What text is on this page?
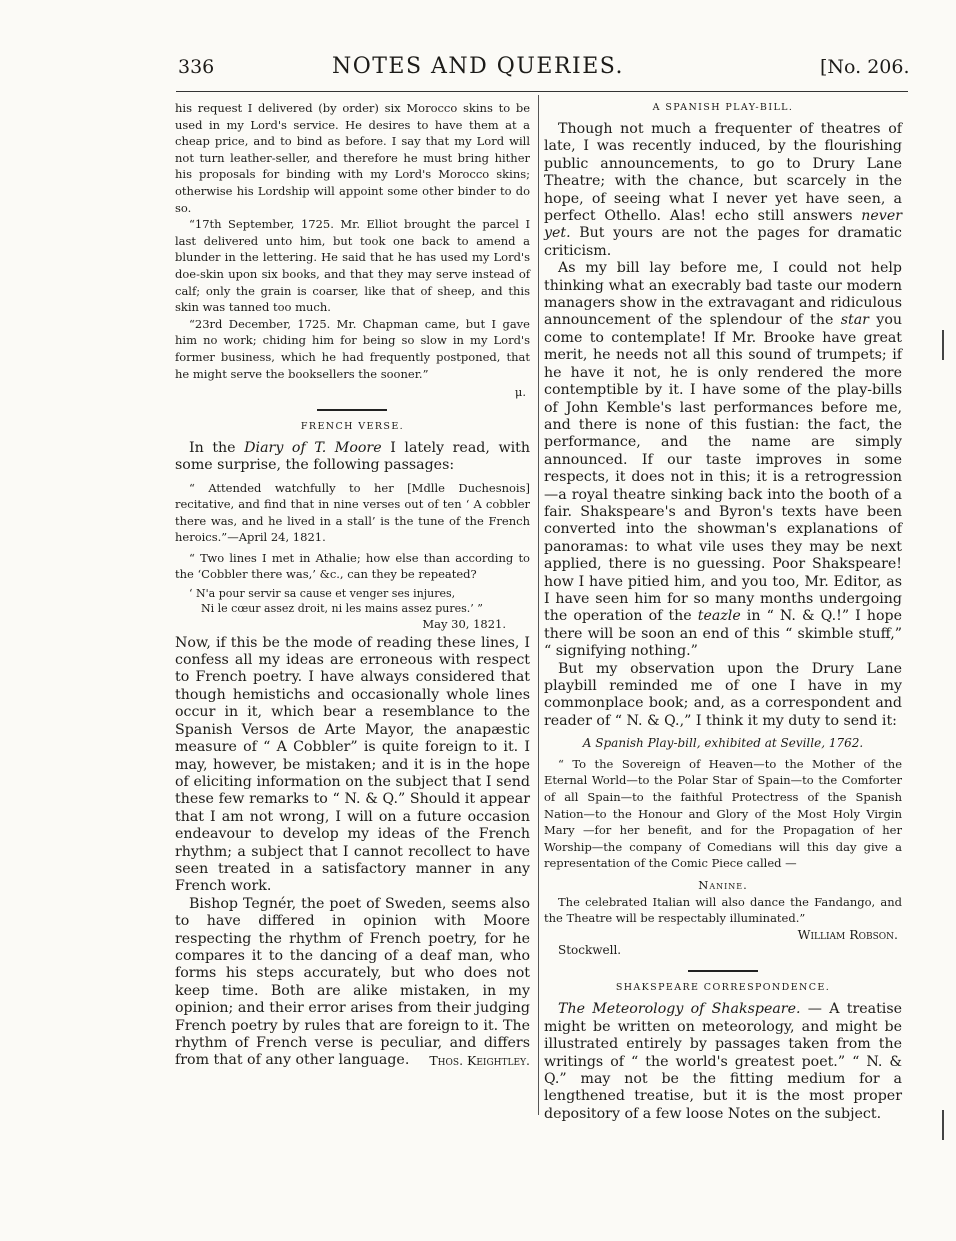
336	NOTES AND QUERIES.	[No. 206.

his request I delivered (by order) six Morocco skins to be used in my Lord's service. He desires to have them at a cheap price, and to bind as before. I say that my Lord will not turn leather-seller, and therefore he must bring hither his proposals for binding with my Lord's Morocco skins; otherwise his Lordship will appoint some other binder to do so.

“17th September, 1725. Mr. Elliot brought the parcel I last delivered unto him, but took one back to amend a blunder in the lettering. He said that he has used my Lord's doe-skin upon six books, and that they may serve instead of calf; only the grain is coarser, like that of sheep, and this skin was tanned too much.

“23rd December, 1725. Mr. Chapman came, but I gave him no work; chiding him for being so slow in my Lord's former business, which he had frequently postponed, that he might serve the booksellers the sooner.”

μ.

FRENCH VERSE.

In the Diary of T. Moore I lately read, with some surprise, the following passages:

“ Attended watchfully to her [Mdlle Duchesnois] recitative, and find that in nine verses out of ten ‘ A cobbler there was, and he lived in a stall’ is the tune of the French heroics.”—April 24, 1821.

“ Two lines I met in Athalie; how else than according to the ‘Cobbler there was,’ &c., can they be repeated?

‘ N'a pour servir sa cause et venger ses injures,
Ni le cœur assez droit, ni les mains assez pures.’ ”

May 30, 1821.

Now, if this be the mode of reading these lines, I confess all my ideas are erroneous with respect to French poetry. I have always considered that though hemistichs and occasionally whole lines occur in it, which bear a resemblance to the Spanish Versos de Arte Mayor, the anapæstic measure of “ A Cobbler” is quite foreign to it. I may, however, be mistaken; and it is in the hope of eliciting information on the subject that I send these few remarks to “ N. & Q.” Should it appear that I am not wrong, I will on a future occasion endeavour to develop my ideas of the French rhythm; a subject that I cannot recollect to have seen treated in a satisfactory manner in any French work.

Bishop Tegnér, the poet of Sweden, seems also to have differed in opinion with Moore respecting the rhythm of French poetry, for he compares it to the dancing of a deaf man, who forms his steps accurately, but who does not keep time. Both are alike mistaken, in my opinion; and their error arises from their judging French poetry by rules that are foreign to it. The rhythm of French verse is peculiar, and differs from that of any other language.	Thos. Keightley.

A SPANISH PLAY-BILL.

Though not much a frequenter of theatres of late, I was recently induced, by the flourishing public announcements, to go to Drury Lane Theatre; with the chance, but scarcely in the hope, of seeing what I never yet have seen, a perfect Othello. Alas! echo still answers never yet. But yours are not the pages for dramatic criticism.

As my bill lay before me, I could not help thinking what an execrably bad taste our modern managers show in the extravagant and ridiculous announcement of the splendour of the star you come to contemplate! If Mr. Brooke have great merit, he needs not all this sound of trumpets; if he have it not, he is only rendered the more contemptible by it. I have some of the play-bills of John Kemble's last performances before me, and there is none of this fustian: the fact, the performance, and the name are simply announced. If our taste improves in some respects, it does not in this; it is a retrogression—a royal theatre sinking back into the booth of a fair. Shakspeare's and Byron's texts have been converted into the showman's explanations of panoramas: to what vile uses they may be next applied, there is no guessing. Poor Shakspeare! how I have pitied him, and you too, Mr. Editor, as I have seen him for so many months undergoing the operation of the teazle in “ N. & Q.!” I hope there will be soon an end of this “ skimble stuff,” “ signifying nothing.”

But my observation upon the Drury Lane playbill reminded me of one I have in my commonplace book; and, as a correspondent and reader of “ N. & Q.,” I think it my duty to send it:

A Spanish Play-bill, exhibited at Seville, 1762.

“ To the Sovereign of Heaven—to the Mother of the Eternal World—to the Polar Star of Spain—to the Comforter of all Spain—to the faithful Protectress of the Spanish Nation—to the Honour and Glory of the Most Holy Virgin Mary —for her benefit, and for the Propagation of her Worship—the company of Comedians will this day give a representation of the Comic Piece called —

Nanine.

The celebrated Italian will also dance the Fandango, and the Theatre will be respectably illuminated.”

William Robson.

Stockwell.

SHAKSPEARE CORRESPONDENCE.

The Meteorology of Shakspeare. — A treatise might be written on meteorology, and might be illustrated entirely by passages taken from the writings of “ the world's greatest poet.” “ N. & Q.” may not be the fitting medium for a lengthened treatise, but it is the most proper depository of a few loose Notes on the subject.
